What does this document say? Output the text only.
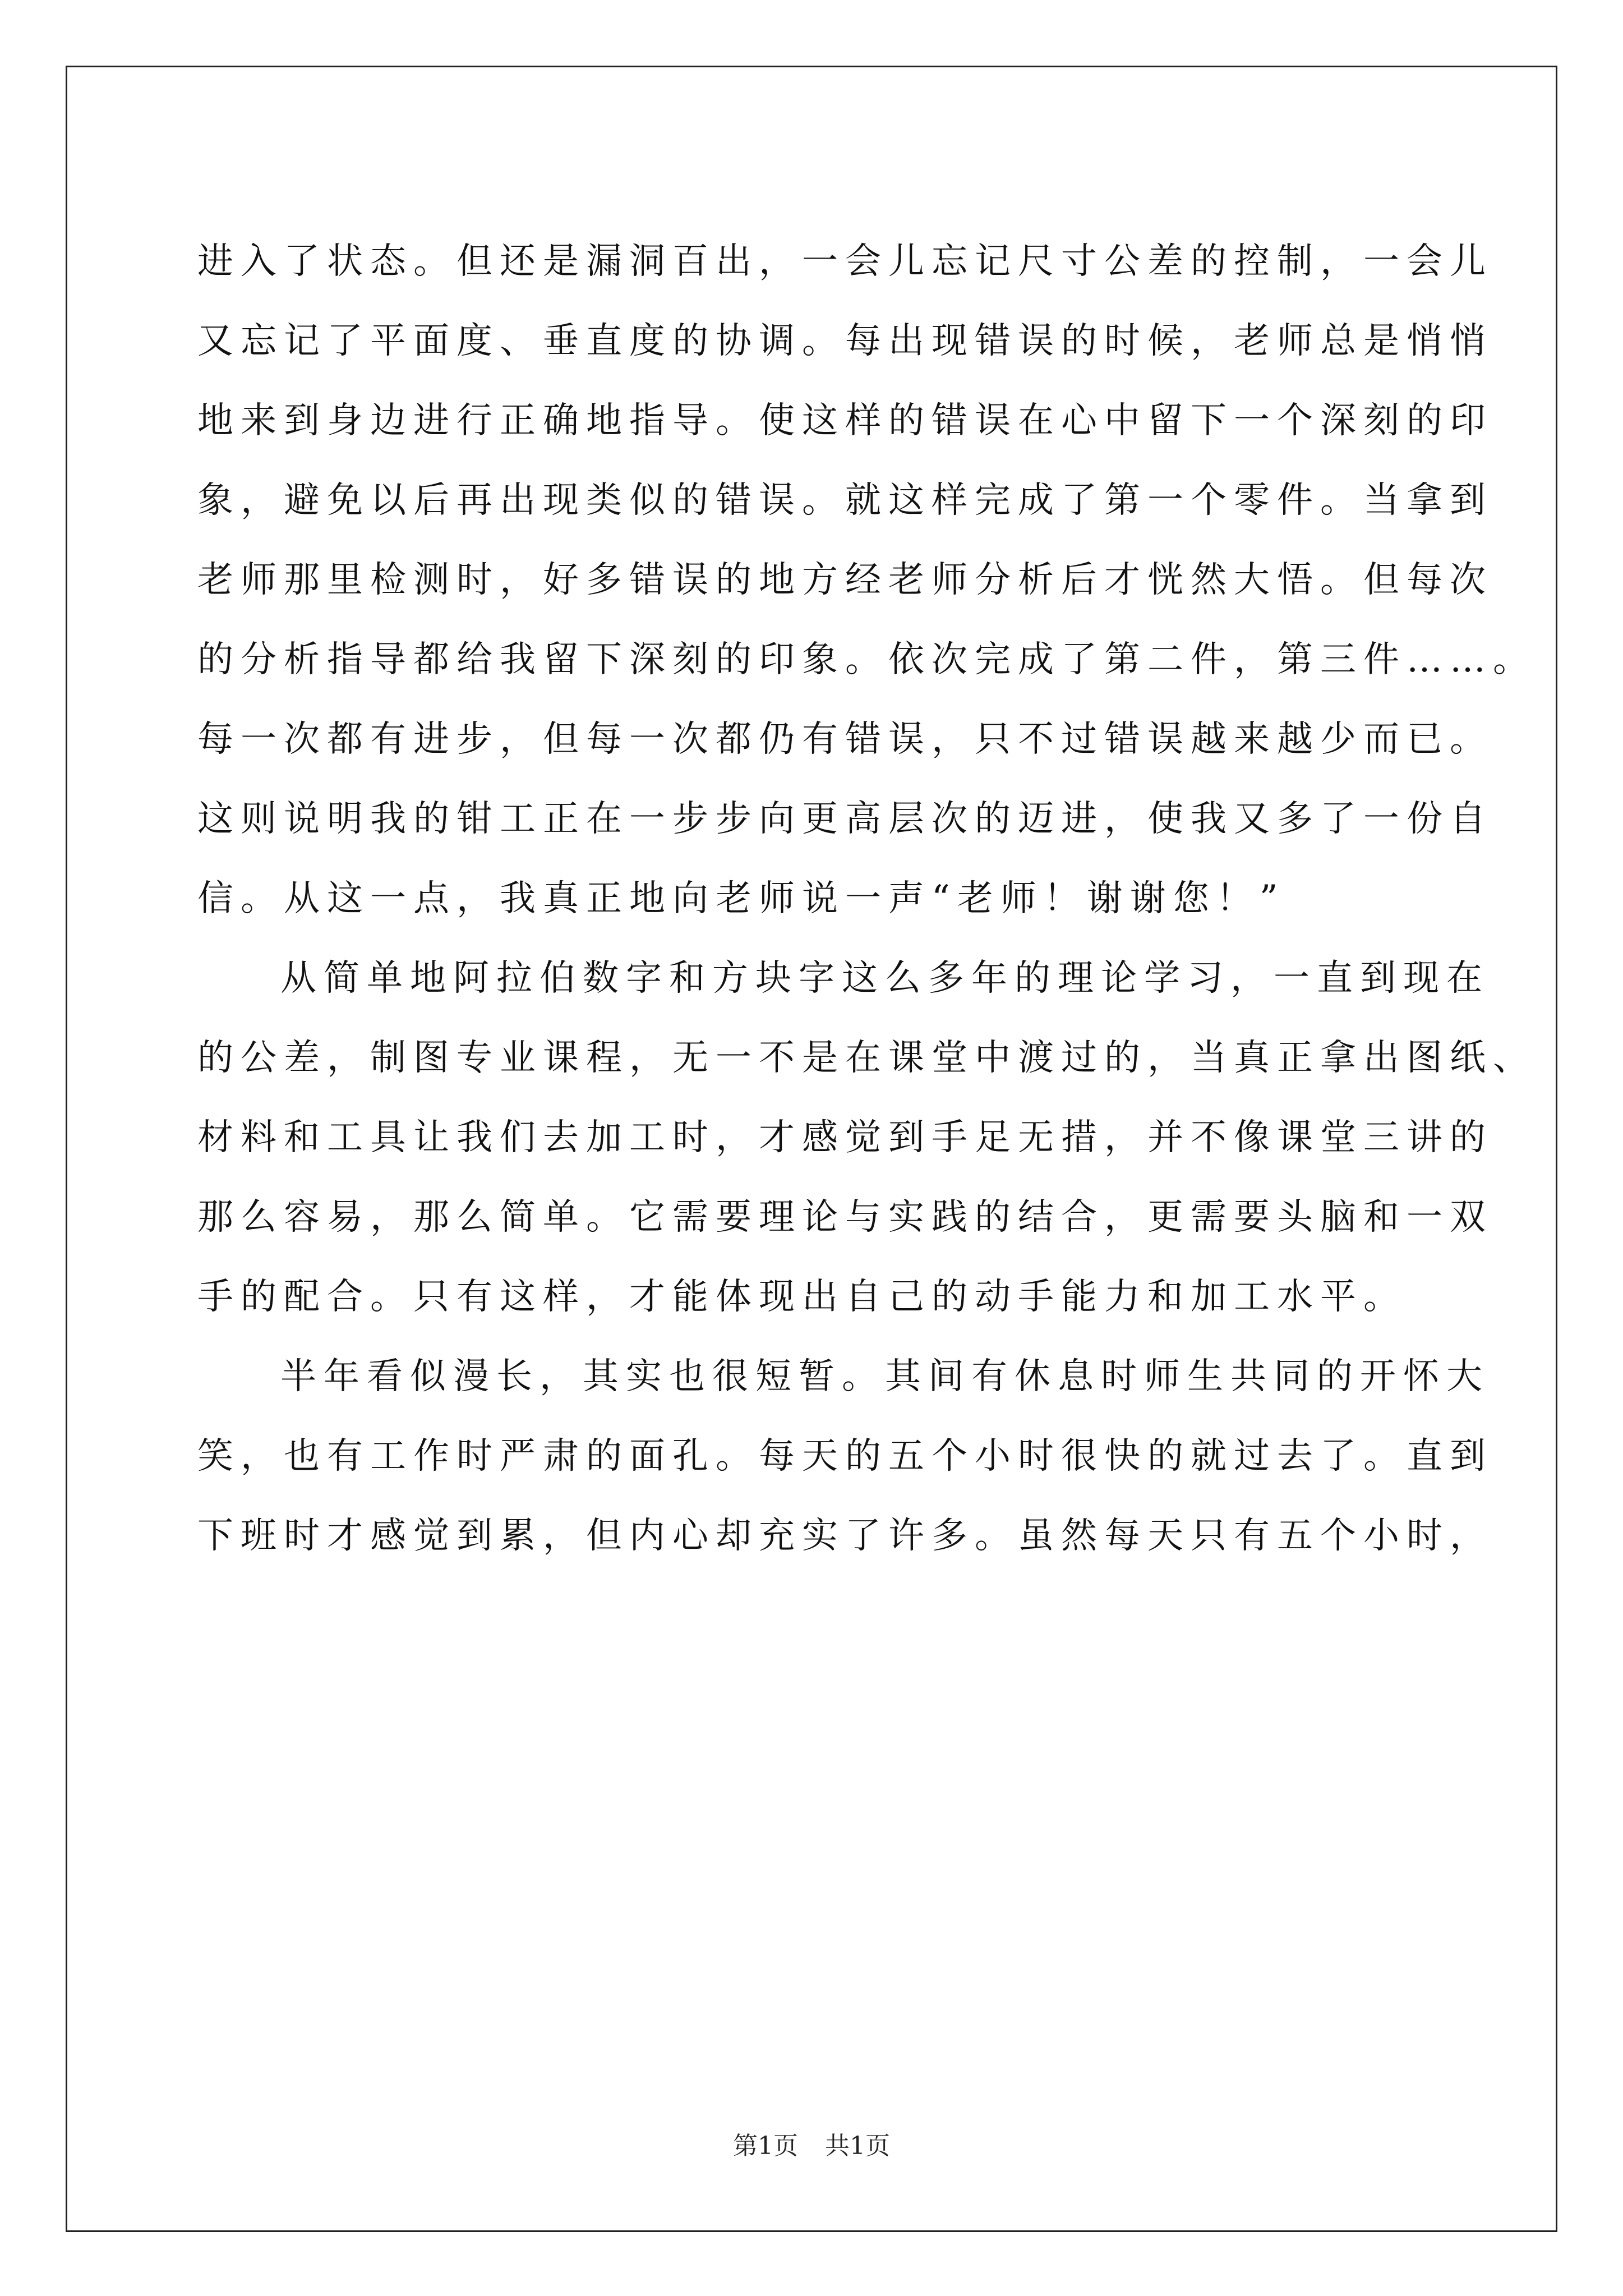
进入了状态。但还是漏洞百出，一会儿忘记尺寸公差的控制，一会儿
又忘记了平面度、垂直度的协调。每出现错误的时候，老师总是悄悄
地来到身边进行正确地指导。使这样的错误在心中留下一个深刻的印
象，避免以后再出现类似的错误。就这样完成了第一个零件。当拿到
老师那里检测时，好多错误的地方经老师分析后才恍然大悟。但每次
的分析指导都给我留下深刻的印象。依次完成了第二件，第三件……。
每一次都有进步，但每一次都仍有错误，只不过错误越来越少而已。
这则说明我的钳工正在一步步向更高层次的迈进，使我又多了一份自
信。从这一点，我真正地向老师说一声“老师！谢谢您！”
从简单地阿拉伯数字和方块字这么多年的理论学习，一直到现在
的公差，制图专业课程，无一不是在课堂中渡过的，当真正拿出图纸、
材料和工具让我们去加工时，才感觉到手足无措，并不像课堂三讲的
那么容易，那么简单。它需要理论与实践的结合，更需要头脑和一双
手的配合。只有这样，才能体现出自己的动手能力和加工水平。
半年看似漫长，其实也很短暂。其间有休息时师生共同的开怀大
笑，也有工作时严肃的面孔。每天的五个小时很快的就过去了。直到
下班时才感觉到累，但内心却充实了许多。虽然每天只有五个小时，
第1页 共1页
